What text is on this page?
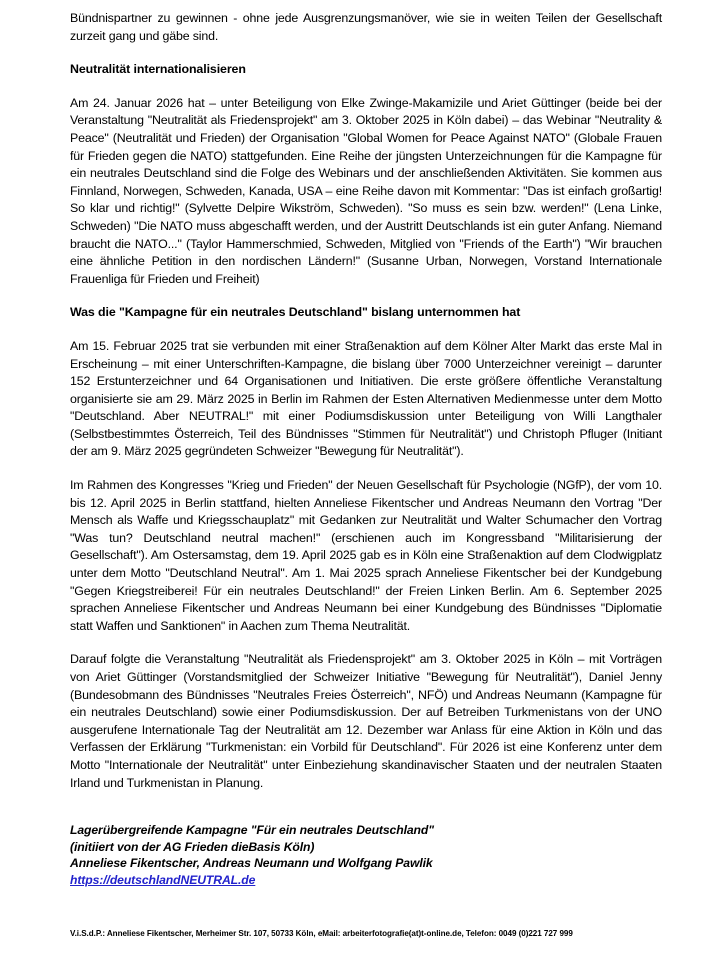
Bündnispartner zu gewinnen - ohne jede Ausgrenzungsmanöver, wie sie in weiten Teilen der Gesellschaft zurzeit gang und gäbe sind.

Neutralität internationalisieren

Am 24. Januar 2026 hat – unter Beteiligung von Elke Zwinge-Makamizile und Ariet Güttinger (beide bei der Veranstaltung "Neutralität als Friedensprojekt" am 3. Oktober 2025 in Köln dabei) – das Webinar "Neutrality & Peace" (Neutralität und Frieden) der Organisation "Global Women for Peace Against NATO" (Globale Frauen für Frieden gegen die NATO) stattgefunden. Eine Reihe der jüngsten Unterzeichnungen für die Kampagne für ein neutrales Deutschland sind die Folge des Webinars und der anschließenden Aktivitäten. Sie kommen aus Finnland, Norwegen, Schweden, Kanada, USA – eine Reihe davon mit Kommentar: "Das ist einfach großartig! So klar und richtig!" (Sylvette Delpire Wikström, Schweden). "So muss es sein bzw. werden!" (Lena Linke, Schweden) "Die NATO muss abgeschafft werden, und der Austritt Deutschlands ist ein guter Anfang. Niemand braucht die NATO..." (Taylor Hammerschmied, Schweden, Mitglied von "Friends of the Earth") "Wir brauchen eine ähnliche Petition in den nordischen Ländern!" (Susanne Urban, Norwegen, Vorstand Internationale Frauenliga für Frieden und Freiheit)

Was die "Kampagne für ein neutrales Deutschland" bislang unternommen hat

Am 15. Februar 2025 trat sie verbunden mit einer Straßenaktion auf dem Kölner Alter Markt das erste Mal in Erscheinung – mit einer Unterschriften-Kampagne, die bislang über 7000 Unterzeichner vereinigt – darunter 152 Erstunterzeichner und 64 Organisationen und Initiativen. Die erste größere öffentliche Veranstaltung organisierte sie am 29. März 2025 in Berlin im Rahmen der Esten Alternativen Medienmesse unter dem Motto "Deutschland. Aber NEUTRAL!" mit einer Podiumsdiskussion unter Beteiligung von Willi Langthaler (Selbstbestimmtes Österreich, Teil des Bündnisses "Stimmen für Neutralität") und Christoph Pfluger (Initiant der am 9. März 2025 gegründeten Schweizer "Bewegung für Neutralität").

Im Rahmen des Kongresses "Krieg und Frieden" der Neuen Gesellschaft für Psychologie (NGfP), der vom 10. bis 12. April 2025 in Berlin stattfand, hielten Anneliese Fikentscher und Andreas Neumann den Vortrag "Der Mensch als Waffe und Kriegsschauplatz" mit Gedanken zur Neutralität und Walter Schumacher den Vortrag "Was tun? Deutschland neutral machen!" (erschienen auch im Kongressband "Militarisierung der Gesellschaft"). Am Ostersamstag, dem 19. April 2025 gab es in Köln eine Straßenaktion auf dem Clodwigplatz unter dem Motto "Deutschland Neutral". Am 1. Mai 2025 sprach Anneliese Fikentscher bei der Kundgebung "Gegen Kriegstreiberei! Für ein neutrales Deutschland!" der Freien Linken Berlin. Am 6. September 2025 sprachen Anneliese Fikentscher und Andreas Neumann bei einer Kundgebung des Bündnisses "Diplomatie statt Waffen und Sanktionen" in Aachen zum Thema Neutralität.

Darauf folgte die Veranstaltung "Neutralität als Friedensprojekt" am 3. Oktober 2025 in Köln – mit Vorträgen von Ariet Güttinger (Vorstandsmitglied der Schweizer Initiative "Bewegung für Neutralität"), Daniel Jenny (Bundesobmann des Bündnisses "Neutrales Freies Österreich", NFÖ) und Andreas Neumann (Kampagne für ein neutrales Deutschland) sowie einer Podiumsdiskussion. Der auf Betreiben Turkmenistans von der UNO ausgerufene Internationale Tag der Neutralität am 12. Dezember war Anlass für eine Aktion in Köln und das Verfassen der Erklärung "Turkmenistan: ein Vorbild für Deutschland". Für 2026 ist eine Konferenz unter dem Motto "Internationale der Neutralität" unter Einbeziehung skandinavischer Staaten und der neutralen Staaten Irland und Turkmenistan in Planung.

Lagerübergreifende Kampagne "Für ein neutrales Deutschland"
(initiiert von der AG Frieden dieBasis Köln)
Anneliese Fikentscher, Andreas Neumann und Wolfgang Pawlik
https://deutschlandNEUTRAL.de
V.i.S.d.P.: Anneliese Fikentscher, Merheimer Str. 107, 50733 Köln, eMail: arbeiterfotografie(at)t-online.de, Telefon: 0049 (0)221 727 999
